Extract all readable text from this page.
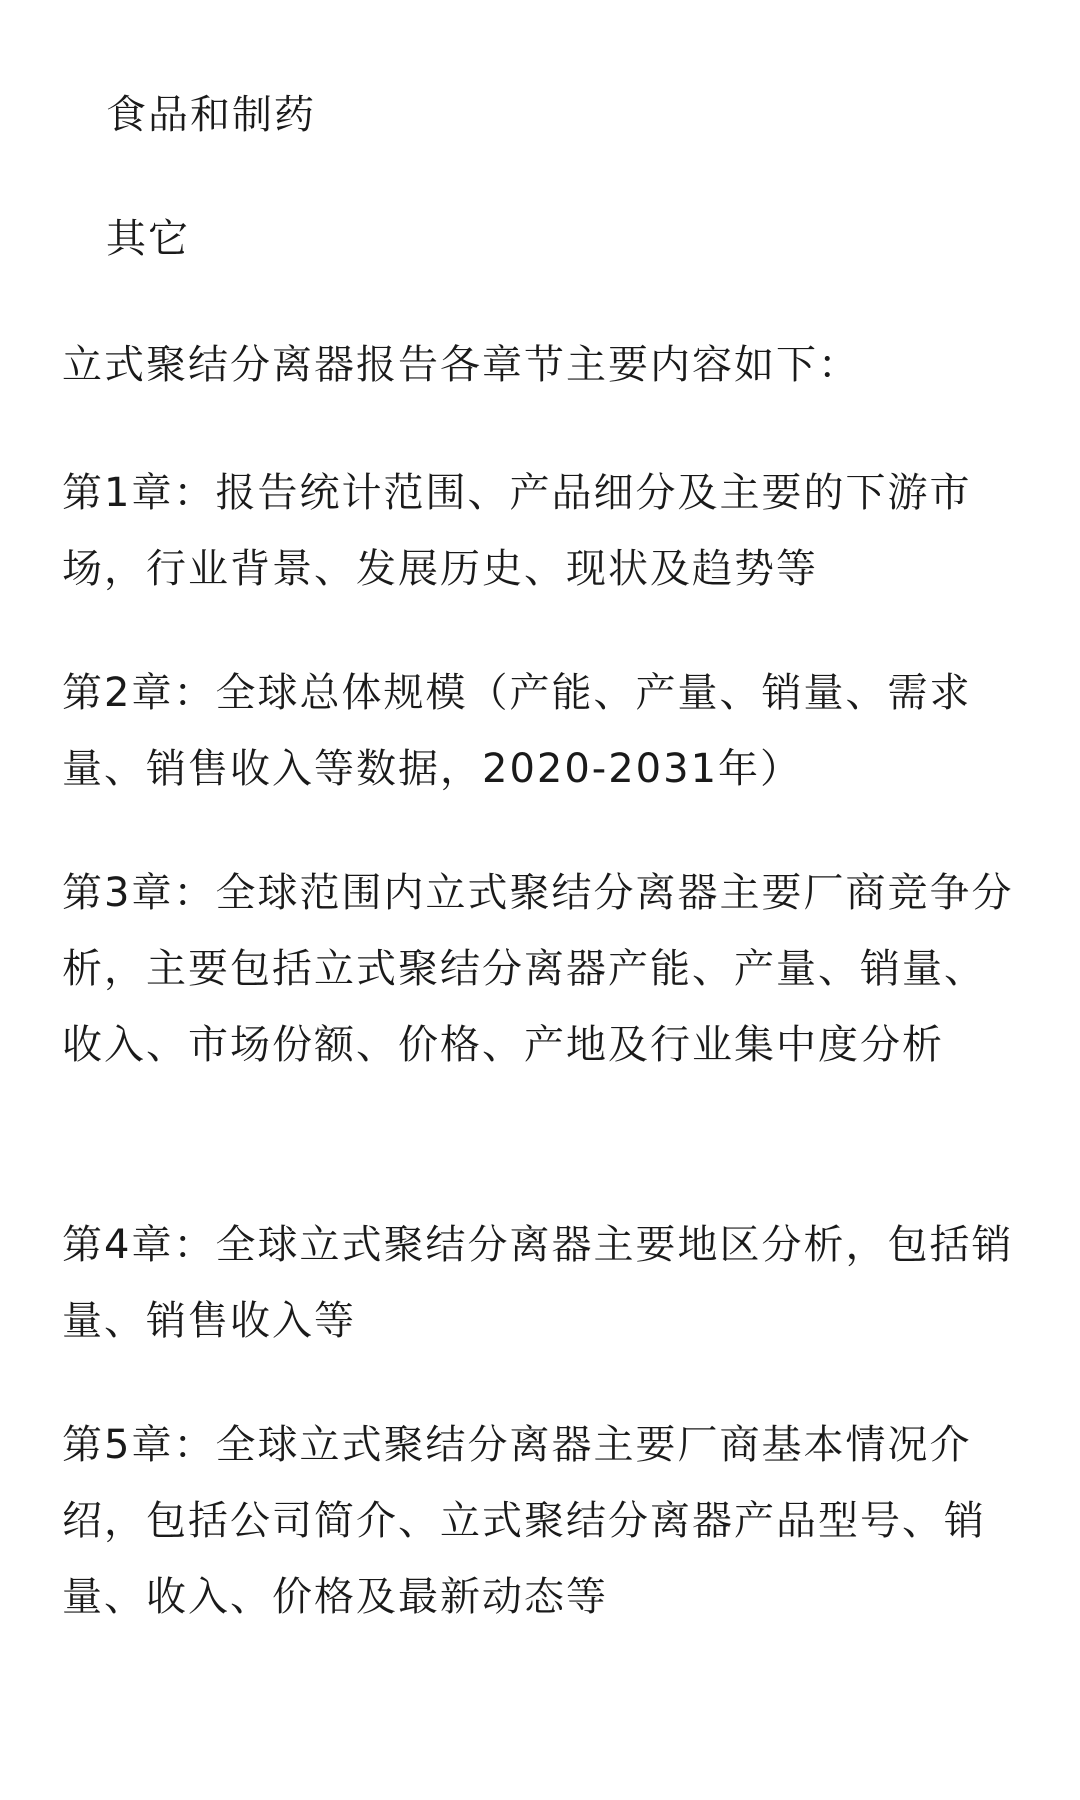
食品和制药

其它

立式聚结分离器报告各章节主要内容如下：

第1章：报告统计范围、产品细分及主要的下游市场，行业背景、发展历史、现状及趋势等

第2章：全球总体规模（产能、产量、销量、需求量、销售收入等数据，2020-2031年）

第3章：全球范围内立式聚结分离器主要厂商竞争分析，主要包括立式聚结分离器产能、产量、销量、收入、市场份额、价格、产地及行业集中度分析

第4章：全球立式聚结分离器主要地区分析，包括销量、销售收入等

第5章：全球立式聚结分离器主要厂商基本情况介绍，包括公司简介、立式聚结分离器产品型号、销量、收入、价格及最新动态等
